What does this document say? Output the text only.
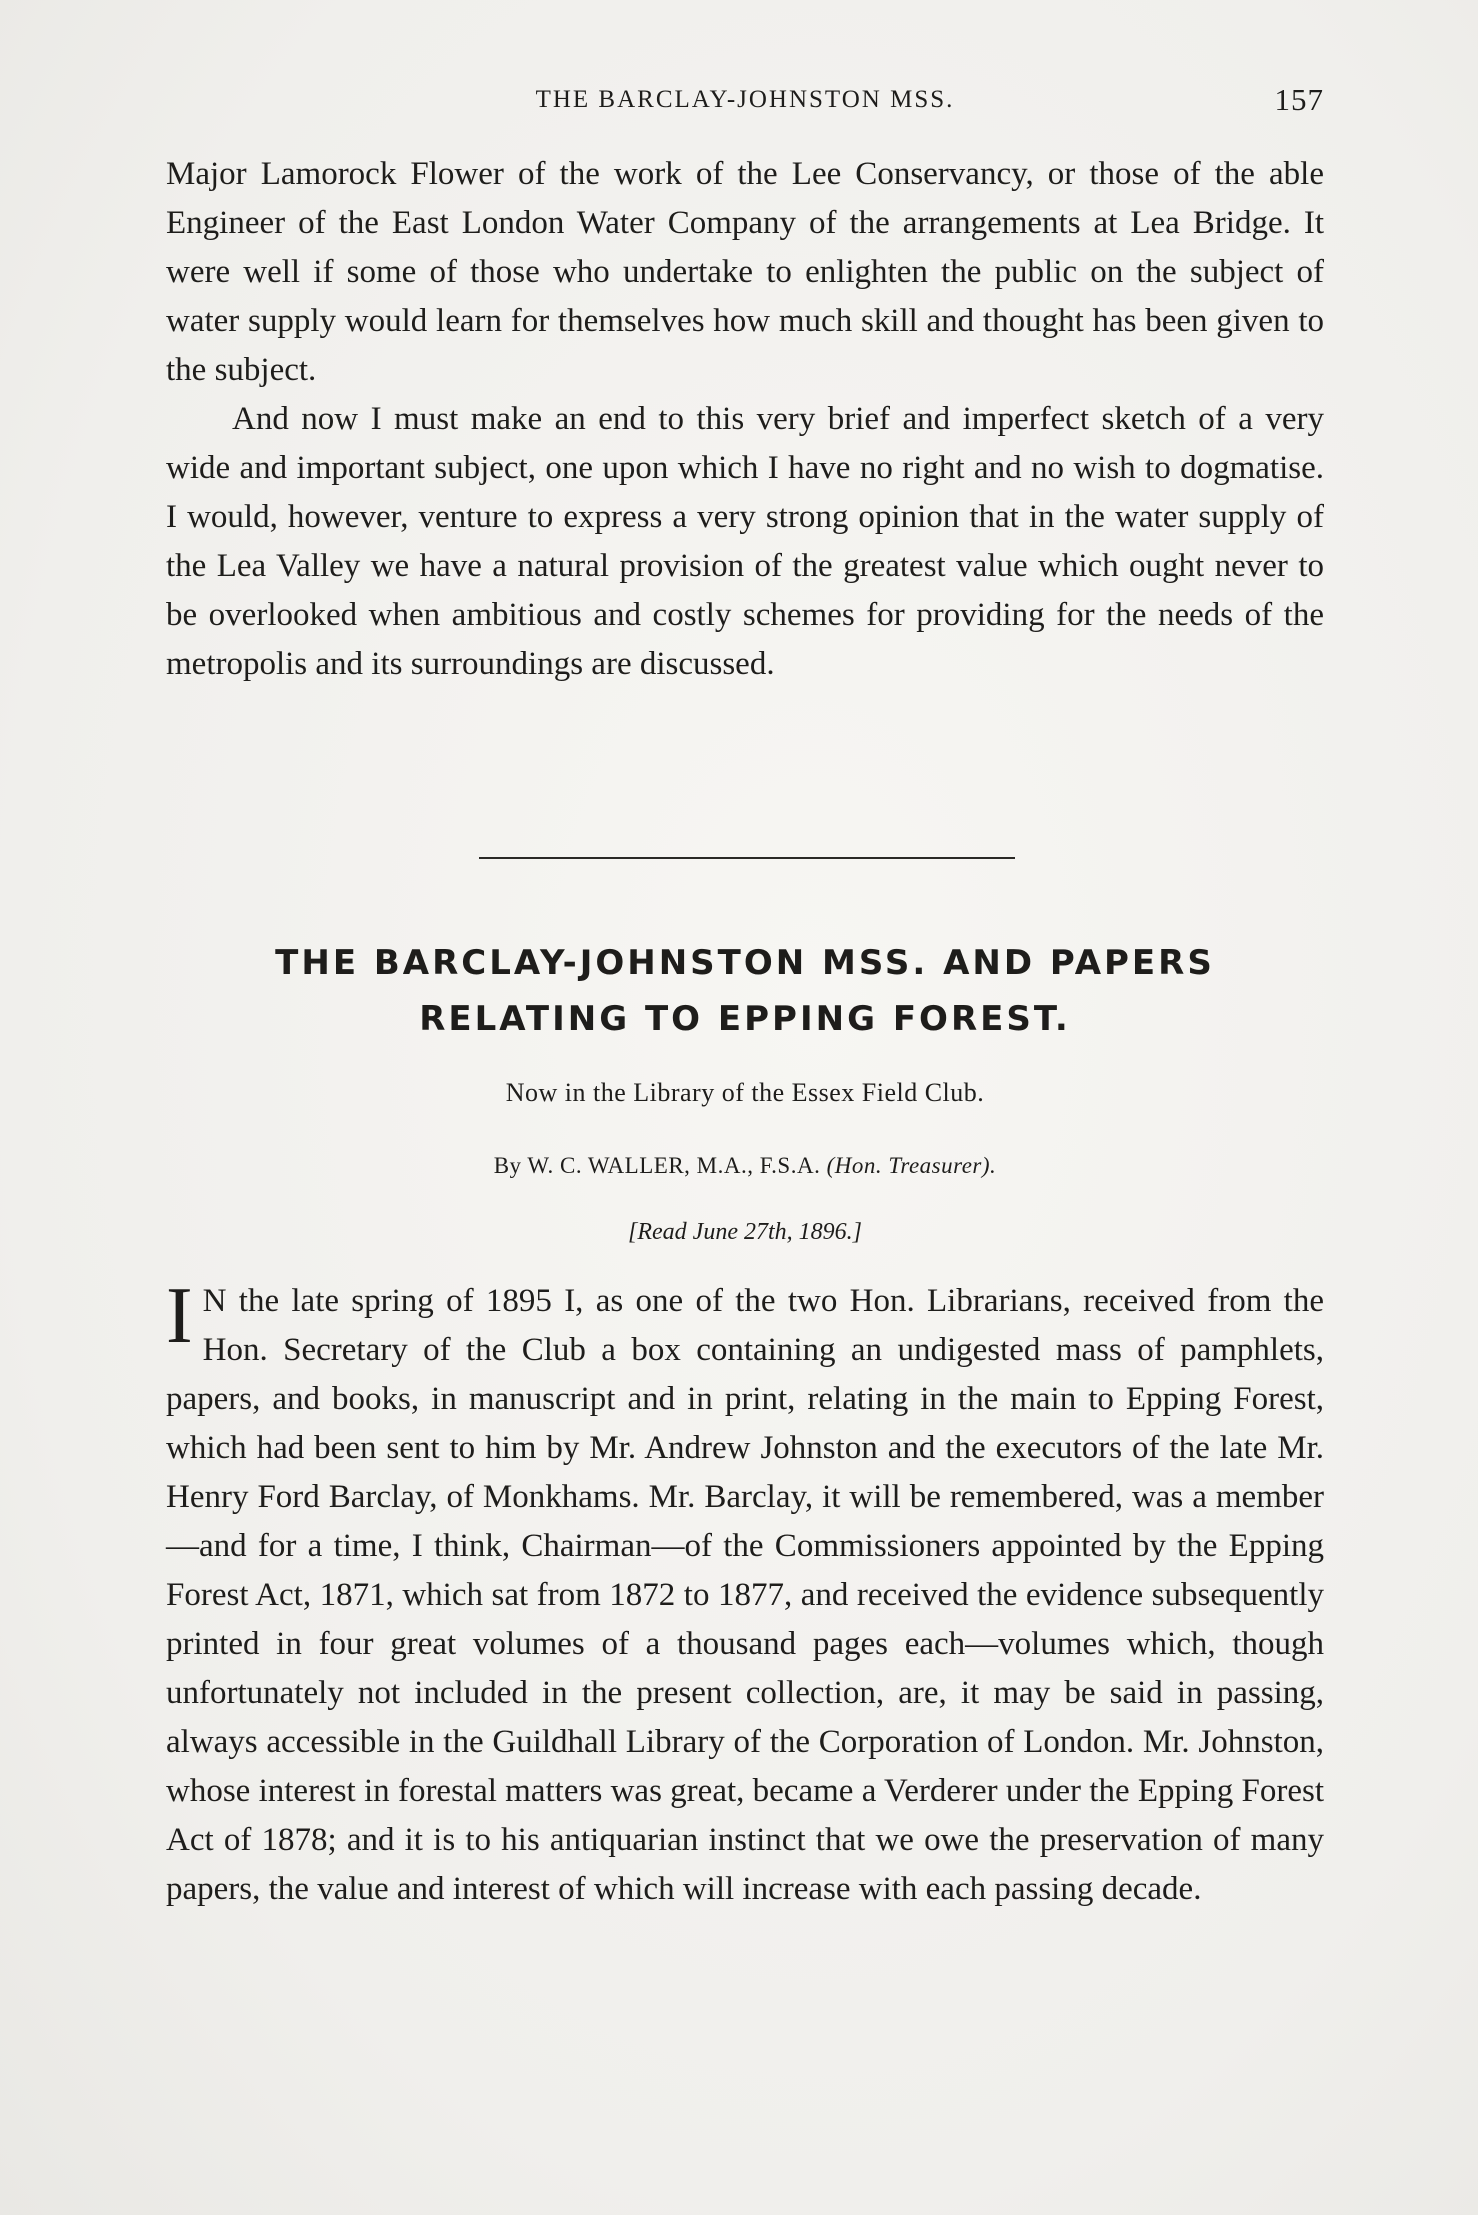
THE BARCLAY-JOHNSTON MSS.	157

Major Lamorock Flower of the work of the Lee Conservancy, or those of the able Engineer of the East London Water Company of the arrangements at Lea Bridge. It were well if some of those who undertake to enlighten the public on the subject of water supply would learn for themselves how much skill and thought has been given to the subject.

And now I must make an end to this very brief and imperfect sketch of a very wide and important subject, one upon which I have no right and no wish to dogmatise. I would, however, venture to express a very strong opinion that in the water supply of the Lea Valley we have a natural provision of the greatest value which ought never to be overlooked when ambitious and costly schemes for providing for the needs of the metropolis and its surroundings are discussed.

THE BARCLAY-JOHNSTON MSS. AND PAPERS RELATING TO EPPING FOREST.
Now in the Library of the Essex Field Club.
By W. C. WALLER, M.A., F.S.A. (Hon. Treasurer).
[Read June 27th, 1896.]

I N the late spring of 1895 I, as one of the two Hon. Librarians, received from the Hon. Secretary of the Club a box containing an undigested mass of pamphlets, papers, and books, in manuscript and in print, relating in the main to Epping Forest, which had been sent to him by Mr. Andrew Johnston and the executors of the late Mr. Henry Ford Barclay, of Monkhams. Mr. Barclay, it will be remembered, was a member—and for a time, I think, Chairman—of the Commissioners appointed by the Epping Forest Act, 1871, which sat from 1872 to 1877, and received the evidence subsequently printed in four great volumes of a thousand pages each—volumes which, though unfortunately not included in the present collection, are, it may be said in passing, always accessible in the Guildhall Library of the Corporation of London. Mr. Johnston, whose interest in forestal matters was great, became a Verderer under the Epping Forest Act of 1878; and it is to his antiquarian instinct that we owe the preservation of many papers, the value and interest of which will increase with each passing decade.
